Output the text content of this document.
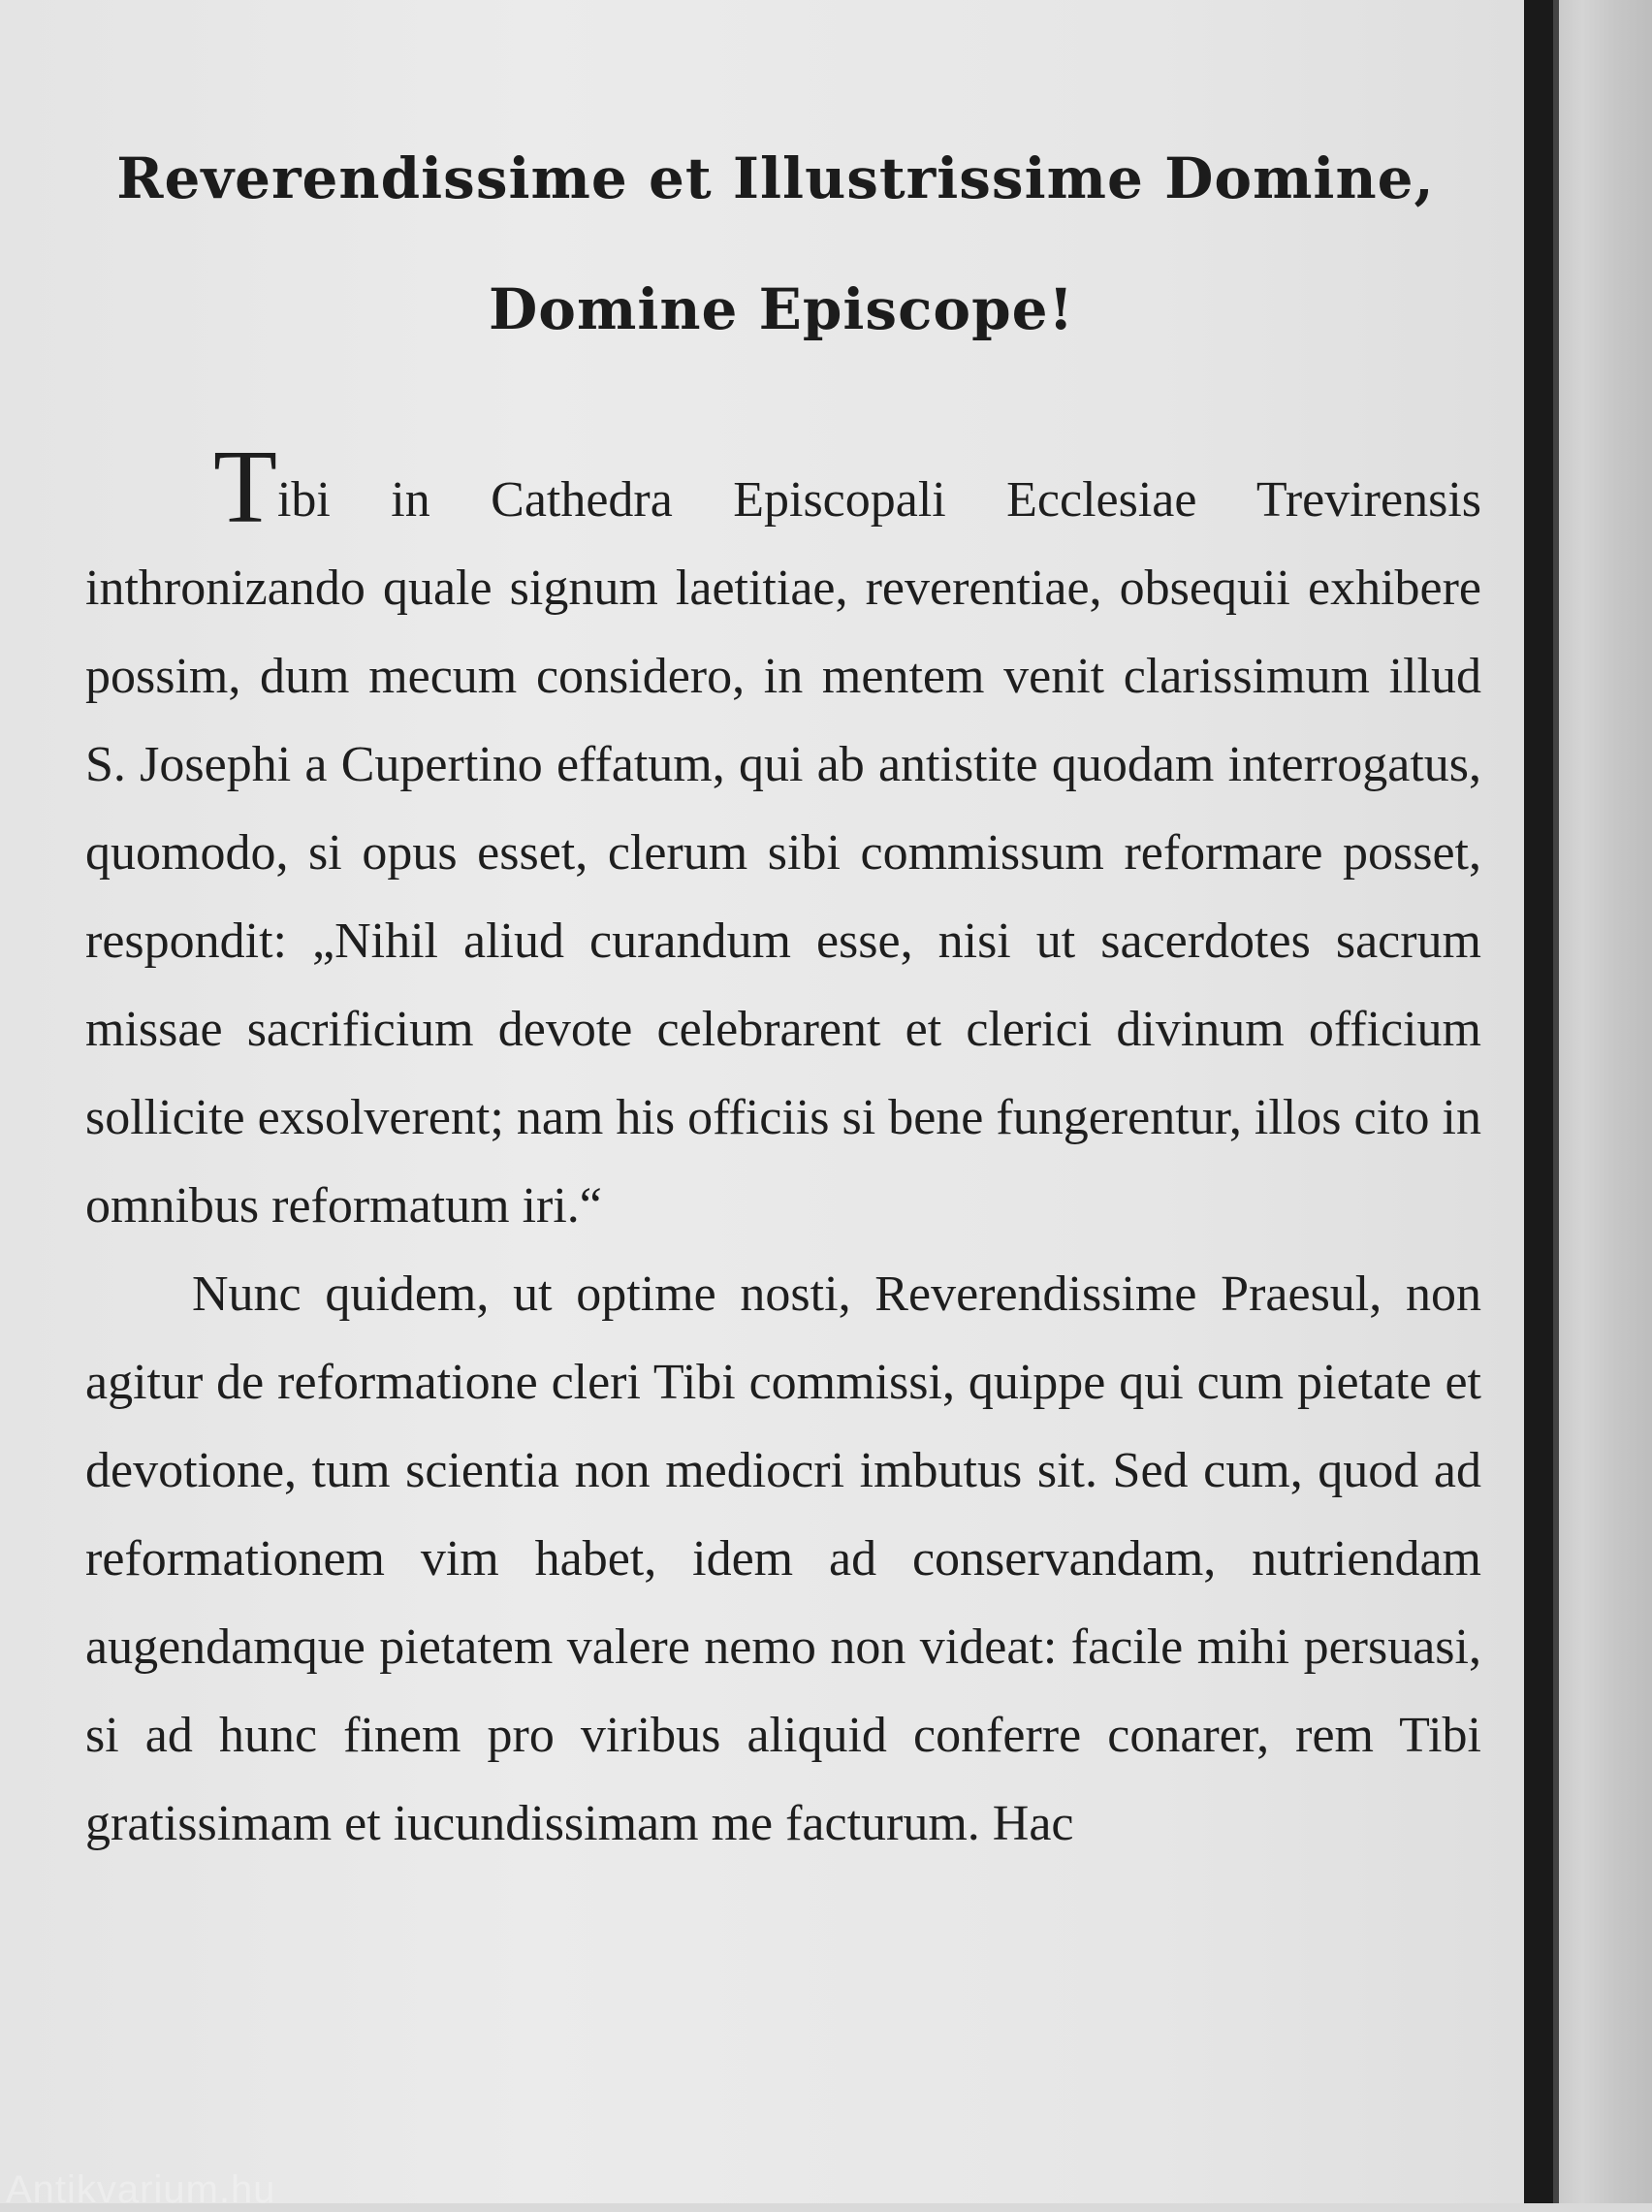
Reverendissime et Illustrissime Domine,
Domine Episcope!

Tibi in Cathedra Episcopali Ecclesiae Trevirensis inthronizando quale signum laetitiae, reverentiae, obsequii exhibere possim, dum mecum considero, in mentem venit clarissimum illud S. Josephi a Cupertino effatum, qui ab antistite quodam interrogatus, quomodo, si opus esset, clerum sibi commissum reformare posset, respondit: „Nihil aliud curandum esse, nisi ut sacerdotes sacrum missae sacrificium devote celebrarent et clerici divinum officium sollicite exsolverent; nam his officiis si bene fungerentur, illos cito in omnibus reformatum iri.“

Nunc quidem, ut optime nosti, Reverendissime Praesul, non agitur de reformatione cleri Tibi commissi, quippe qui cum pietate et devotione, tum scientia non mediocri imbutus sit. Sed cum, quod ad reformationem vim habet, idem ad conservandam, nutriendam augendamque pietatem valere nemo non videat: facile mihi persuasi, si ad hunc finem pro viribus aliquid conferre conarer, rem Tibi gratissimam et iucundissimam me facturum. Hac

Antikvarium.hu
